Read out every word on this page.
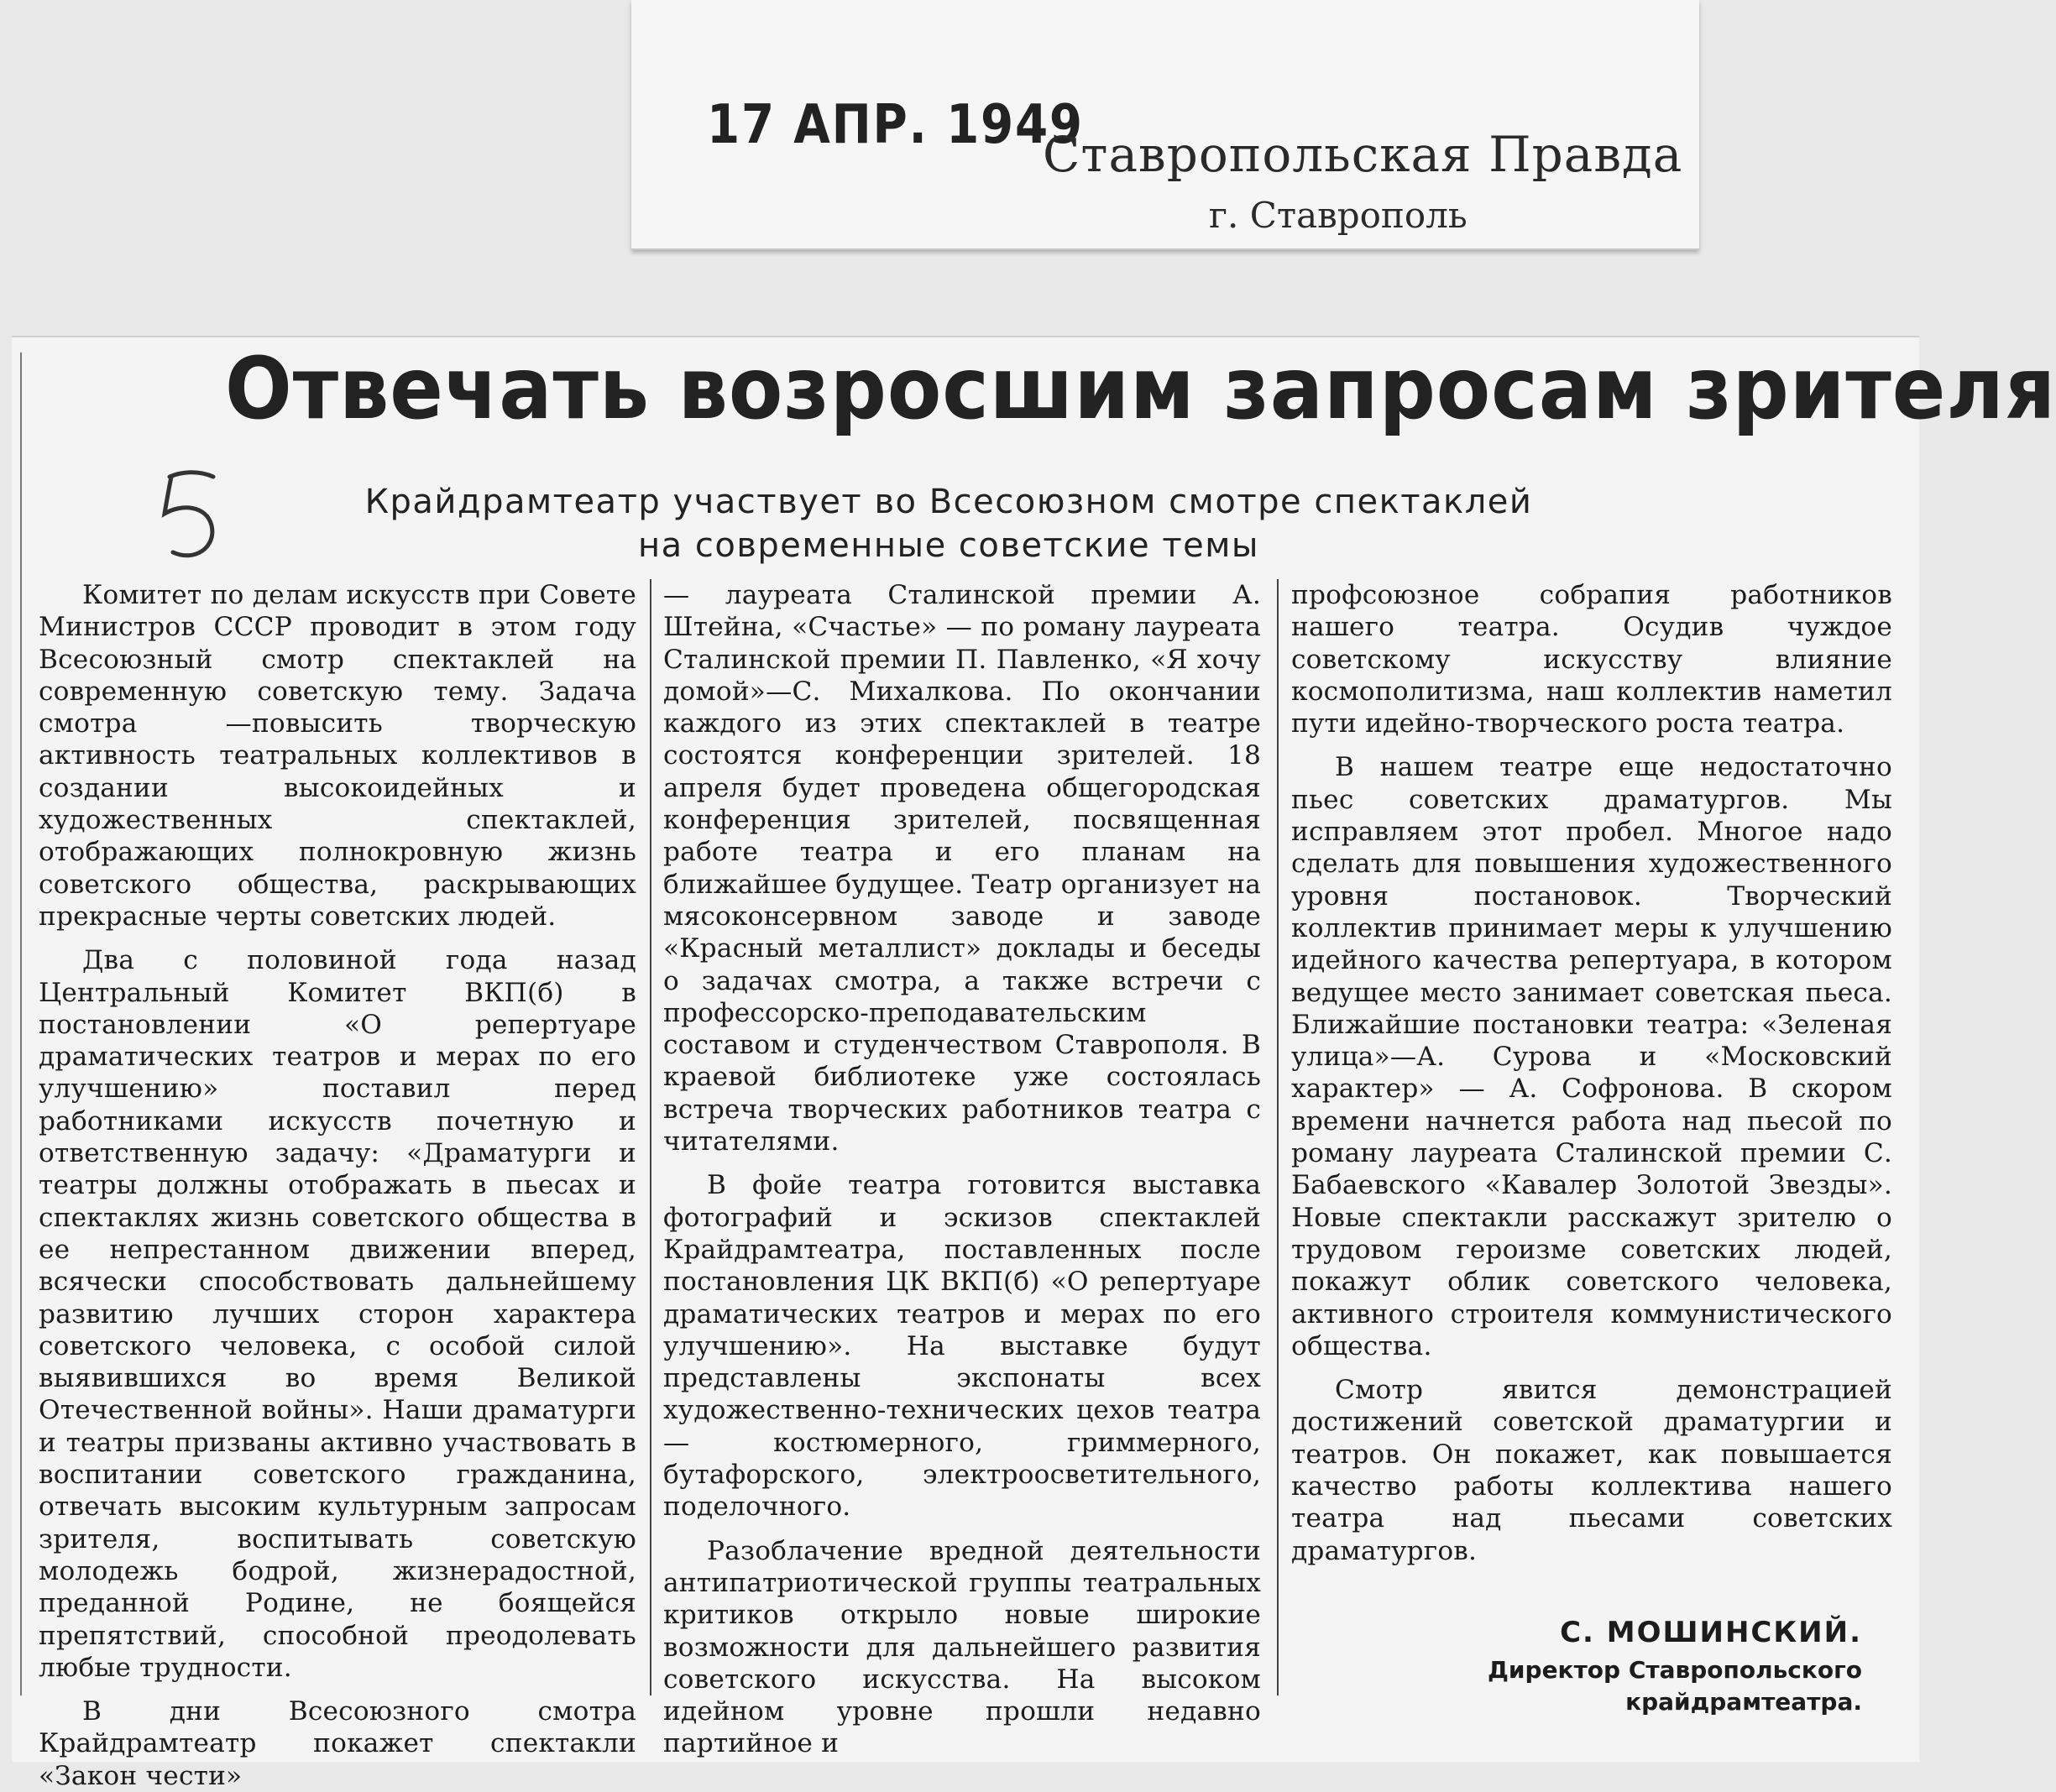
17 АПР. 1949
Ставропольская Правда
г. Ставрополь
Отвечать возросшим запросам зрителя
Крайдрамтеатр участвует во Всесоюзном смотре спектаклей
на современные советские темы

Комитет по делам искусств при Совете Министров СССР проводит в этом году Всесоюзный смотр спектаклей на современную советскую тему. Задача смотра —повысить творческую активность театральных коллективов в создании высокоидейных и художественных спектаклей, отображающих полнокровную жизнь советского общества, раскрывающих прекрасные черты советских людей.

Два с половиной года назад Центральный Комитет ВКП(б) в постановлении «О репертуаре драматических театров и мерах по его улучшению» поставил перед работниками искусств почетную и ответственную задачу: «Драматурги и театры должны отображать в пьесах и спектаклях жизнь советского общества в ее непрестанном движении вперед, всячески способствовать дальнейшему развитию лучших сторон характера советского человека, с особой силой выявившихся во время Великой Отечественной войны». Наши драматурги и театры призваны активно участвовать в воспитании советского гражданина, отвечать высоким культурным запросам зрителя, воспитывать советскую молодежь бодрой, жизнерадостной, преданной Родине, не боящейся препятствий, способной преодолевать любые трудности.

В дни Всесоюзного смотра Крайдрамтеатр покажет спектакли «Закон чести»

— лауреата Сталинской премии А. Штейна, «Счастье» — по роману лауреата Сталинской премии П. Павленко, «Я хочу домой»—С. Михалкова. По окончании каждого из этих спектаклей в театре состоятся конференции зрителей. 18 апреля будет проведена общегородская конференция зрителей, посвященная работе театра и его планам на ближайшее будущее. Театр организует на мясоконсервном заводе и заводе «Красный металлист» доклады и беседы о задачах смотра, а также встречи с профессорско-преподавательским составом и студенчеством Ставрополя. В краевой библиотеке уже состоялась встреча творческих работников театра с читателями.

В фойе театра готовится выставка фотографий и эскизов спектаклей Крайдрамтеатра, поставленных после постановления ЦК ВКП(б) «О репертуаре драматических театров и мерах по его улучшению». На выставке будут представлены экспонаты всех художественно-технических цехов театра — костюмерного, гриммерного, бутафорского, электроосветительного, поделочного.

Разоблачение вредной деятельности антипатриотической группы театральных критиков открыло новые широкие возможности для дальнейшего развития советского искусства. На высоком идейном уровне прошли недавно партийное и

профсоюзное собрапия работников нашего театра. Осудив чуждое советскому искусству влияние космополитизма, наш коллектив наметил пути идейно-творческого роста театра.

В нашем театре еще недостаточно пьес советских драматургов. Мы исправляем этот пробел. Многое надо сделать для повышения художественного уровня постановок. Творческий коллектив принимает меры к улучшению идейного качества репертуара, в котором ведущее место занимает советская пьеса. Ближайшие постановки театра: «Зеленая улица»—А. Сурова и «Московский характер» — А. Софронова. В скором времени начнется работа над пьесой по роману лауреата Сталинской премии С. Бабаевского «Кавалер Золотой Звезды». Новые спектакли расскажут зрителю о трудовом героизме советских людей, покажут облик советского человека, активного строителя коммунистического общества.

Смотр явится демонстрацией достижений советской драматургии и театров. Он покажет, как повышается качество работы коллектива нашего театра над пьесами советских драматургов.

С. МОШИНСКИЙ.
Директор Ставропольского
крайдрамтеатра.
